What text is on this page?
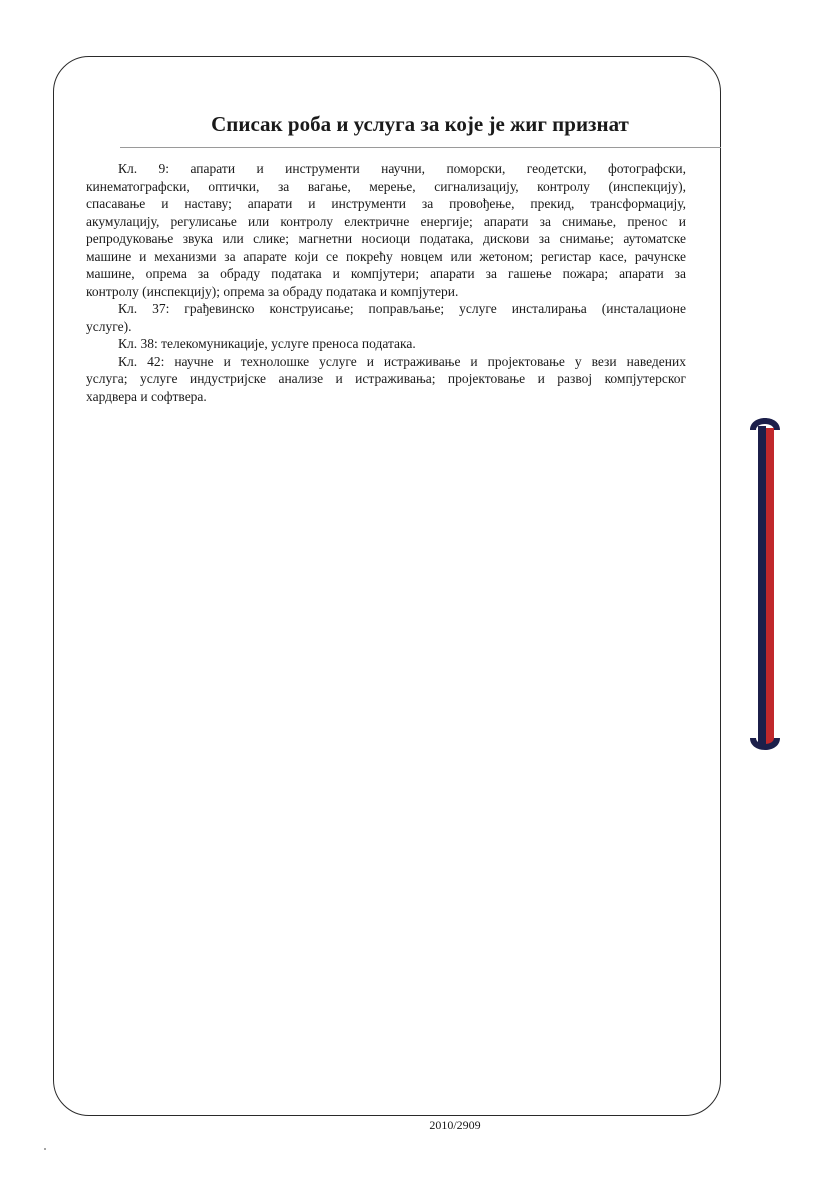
Списак роба и услуга за које је жиг признат
Кл. 9: апарати и инструменти научни, поморски, геодетски, фотографски,
кинематографски, оптички, за вагање, мерење, сигнализацију, контролу (инспекцију),
спасавање и наставу; апарати и инструменти за провођење, прекид, трансформацију,
акумулацију, регулисање или контролу електричне енергије; апарати за снимање, пренос и
репродуковање звука или слике; магнетни носиоци података, дискови за снимање; аутоматске
машине и механизми за апарате који се покрећу новцем или жетоном; регистар касе, рачунске
машине, опрема за обраду података и компјутери; апарати за гашење пожара; апарати за
контролу (инспекцију); опрема за обраду података и компјутери.
Кл. 37: грађевинско конструисање; поправљање; услуге инсталирања (инсталационе
услуге).
Кл. 38: телекомуникације, услуге преноса података.
Кл. 42: научне и технолошке услуге и истраживање и пројектовање у вези наведених
услуга; услуге индустријске анализе и истраживања; пројектовање и развој компјутерског
хардвера и софтвера.
2010/2909
